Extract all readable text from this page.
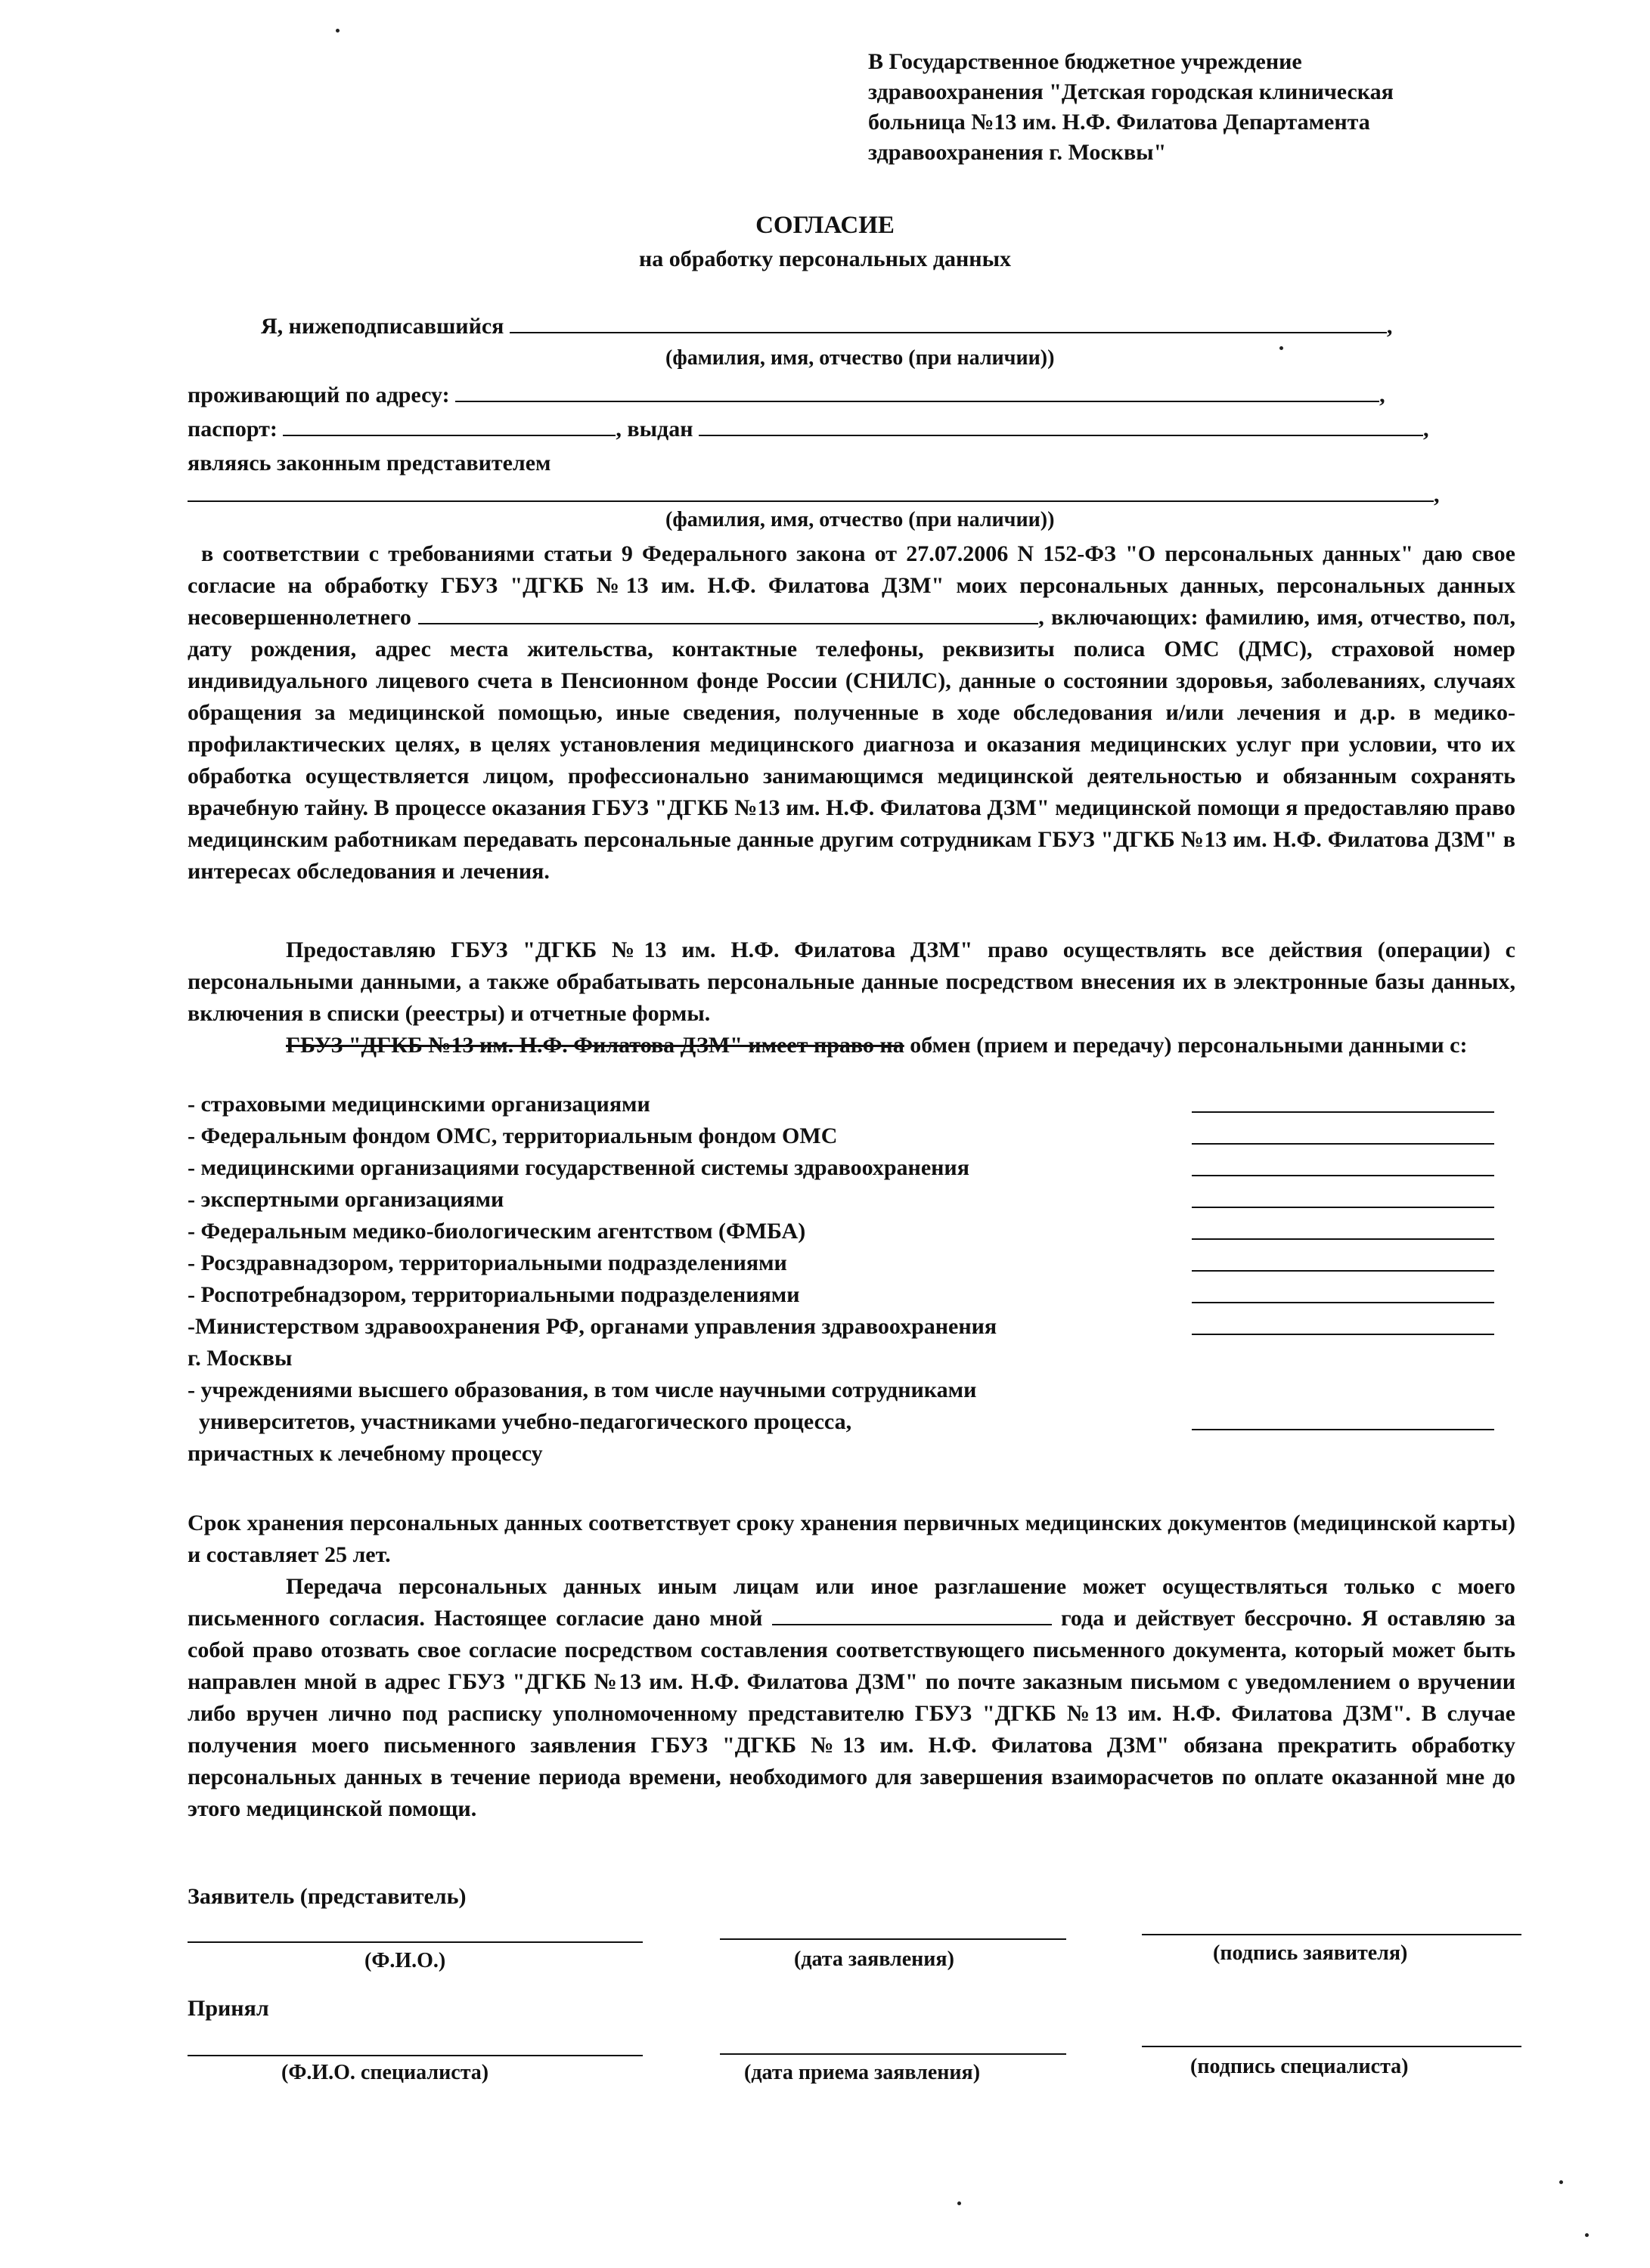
В Государственное бюджетное учреждение
здравоохранения "Детская городская клиническая
больница №13 им. Н.Ф. Филатова Департамента
здравоохранения г. Москвы"
СОГЛАСИЕ
на обработку персональных данных
Я, нижеподписавшийся	,
(фамилия, имя, отчество (при наличии))
проживающий по адресу:	,
паспорт:	, выдан	,
являясь законным представителем
,
(фамилия, имя, отчество (при наличии))
в соответствии с требованиями статьи 9 Федерального закона от 27.07.2006 N 152-ФЗ "О персональных данных" даю свое согласие на обработку ГБУЗ "ДГКБ №13 им. Н.Ф. Филатова ДЗМ" моих персональных данных, персональных данных несовершеннолетнего	, включающих: фамилию, имя, отчество, пол, дату рождения, адрес места жительства, контактные телефоны, реквизиты полиса ОМС (ДМС), страховой номер индивидуального лицевого счета в Пенсионном фонде России (СНИЛС), данные о состоянии здоровья, заболеваниях, случаях обращения за медицинской помощью, иные сведения, полученные в ходе обследования и/или лечения и д.р. в медико-профилактических целях, в целях установления медицинского диагноза и оказания медицинских услуг при условии, что их обработка осуществляется лицом, профессионально занимающимся медицинской деятельностью и обязанным сохранять врачебную тайну. В процессе оказания ГБУЗ "ДГКБ №13 им. Н.Ф. Филатова ДЗМ" медицинской помощи я предоставляю право медицинским работникам передавать персональные данные другим сотрудникам ГБУЗ "ДГКБ №13 им. Н.Ф. Филатова ДЗМ" в интересах обследования и лечения.
Предоставляю ГБУЗ "ДГКБ №13 им. Н.Ф. Филатова ДЗМ" право осуществлять все действия (операции) с персональными данными, а также обрабатывать персональные данные посредством внесения их в электронные базы данных, включения в списки (реестры) и отчетные формы.
ГБУЗ "ДГКБ №13 им. Н.Ф. Филатова ДЗМ" имеет право на обмен (прием и передачу) персональными данными с:
- страховыми медицинскими организациями
- Федеральным фондом ОМС, территориальным фондом ОМС
- медицинскими организациями государственной системы здравоохранения
- экспертными организациями
- Федеральным медико-биологическим агентством (ФМБА)
- Росздравнадзором, территориальными подразделениями
- Роспотребнадзором, территориальными подразделениями
-Министерством здравоохранения РФ, органами управления здравоохранения
г. Москвы
- учреждениями высшего образования, в том числе научными сотрудниками
университетов, участниками учебно-педагогического процесса,
причастных к лечебному процессу
Срок хранения персональных данных соответствует сроку хранения первичных медицинских документов (медицинской карты) и составляет 25 лет.
Передача персональных данных иным лицам или иное разглашение может осуществляться только с моего письменного согласия. Настоящее согласие дано мной	года и действует бессрочно. Я оставляю за собой право отозвать свое согласие посредством составления соответствующего письменного документа, который может быть направлен мной в адрес ГБУЗ "ДГКБ №13 им. Н.Ф. Филатова ДЗМ" по почте заказным письмом с уведомлением о вручении либо вручен лично под расписку уполномоченному представителю ГБУЗ "ДГКБ №13 им. Н.Ф. Филатова ДЗМ". В случае получения моего письменного заявления ГБУЗ "ДГКБ №13 им. Н.Ф. Филатова ДЗМ" обязана прекратить обработку персональных данных в течение периода времени, необходимого для завершения взаиморасчетов по оплате оказанной мне до этого медицинской помощи.
Заявитель (представитель)
(Ф.И.О.)	(дата заявления)	(подпись заявителя)
Принял
(Ф.И.О. специалиста)	(дата приема заявления)	(подпись специалиста)
